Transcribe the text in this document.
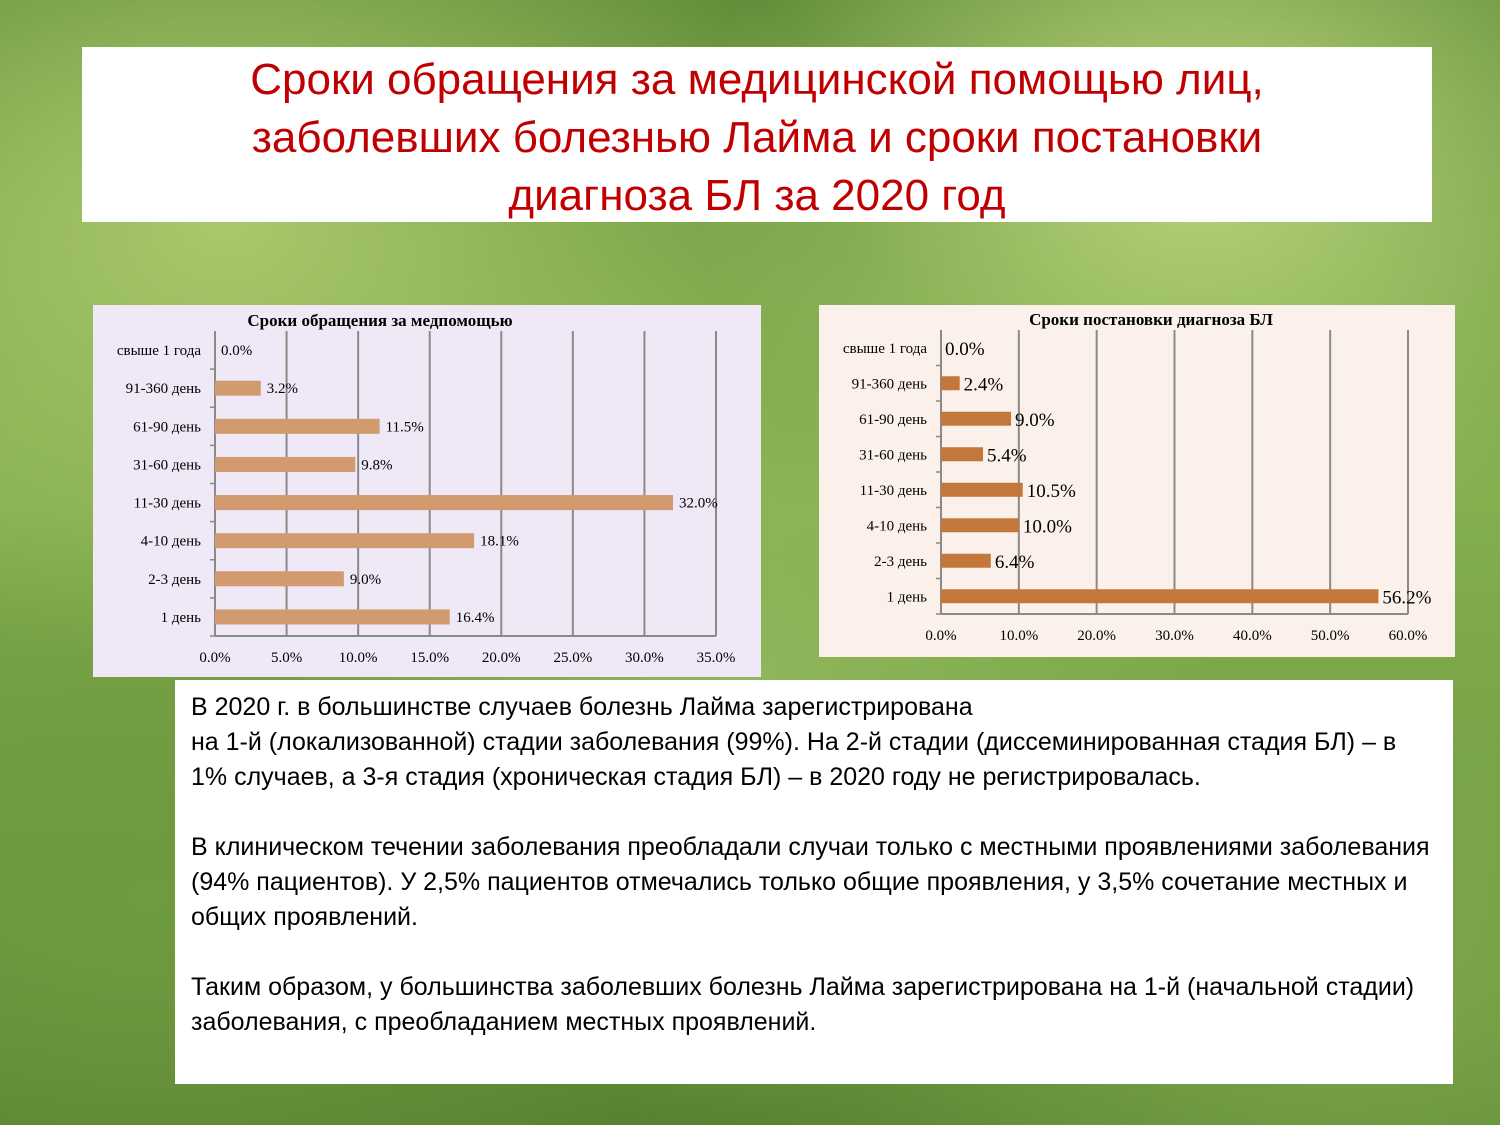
Сроки обращения за медицинской помощью лиц,
заболевших болезнью Лайма и сроки постановки
диагноза БЛ за 2020 год
Сроки обращения за медпомощью
0.0%	5.0% 10.0% 15.0% 20.0% 25.0% 30.0% 35.0%
свыше 1 года 0.0%
91-360 день	3.2%
61-90 день	11.5%
31-60 день	9.8%
11-30 день	32.0%
4-10 день	18.1%
2-3 день	9.0%
1 день	16.4%
Сроки постановки диагноза БЛ
0.0%	10.0%	20.0%	30.0%	40.0%	50.0%	60.0%
свыше 1 года 0.0%
91-360 день 2.4%
61-90 день	9.0%
31-60 день	5.4%
11-30 день	10.5%
4-10 день	10.0%
2-3 день	6.4%
1 день	56.2%

В 2020 г. в большинстве случаев болезнь Лайма зарегистрирована
на 1-й (локализованной) стадии заболевания (99%). На 2-й стадии (диссеминированная стадия БЛ) – в 1% случаев, а 3-я стадия (хроническая стадия БЛ) – в 2020 году не регистрировалась.

В клиническом течении заболевания преобладали случаи только с местными проявлениями заболевания (94% пациентов). У 2,5% пациентов отмечались только общие проявления, у 3,5% сочетание местных и общих проявлений.

Таким образом, у большинства заболевших болезнь Лайма зарегистрирована на 1-й (начальной стадии) заболевания, с преобладанием местных проявлений.
